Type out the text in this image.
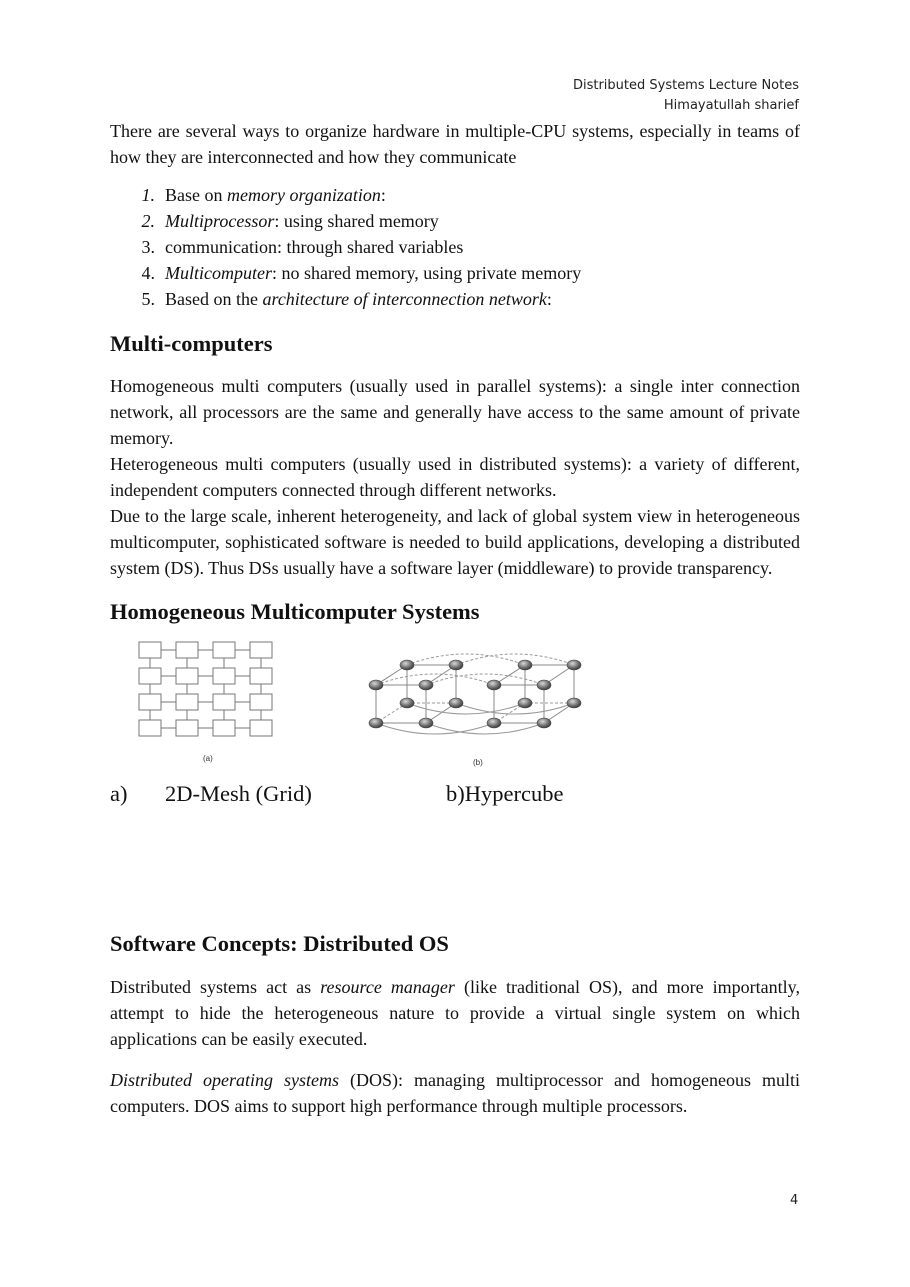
Distributed Systems Lecture Notes
Himayatullah sharief

There are several ways to organize hardware in multiple-CPU systems, especially in teams of how they are interconnected and how they communicate

1. Base on memory organization:
2. Multiprocessor: using shared memory
3. communication: through shared variables
4. Multicomputer: no shared memory, using private memory
5. Based on the architecture of interconnection network:
Multi-computers

Homogeneous multi computers (usually used in parallel systems): a single inter connection network, all processors are the same and generally have access to the same amount of private memory.

Heterogeneous multi computers (usually used in distributed systems): a variety of different, independent computers connected through different networks.

Due to the large scale, inherent heterogeneity, and lack of global system view in heterogeneous multicomputer, sophisticated software is needed to build applications, developing a distributed system (DS). Thus DSs usually have a software layer (middleware) to provide transparency.

Homogeneous Multicomputer Systems
(a)	(b)
a) 2D-Mesh (Grid)	b)Hypercube
Software Concepts: Distributed OS

Distributed systems act as resource manager (like traditional OS), and more importantly, attempt to hide the heterogeneous nature to provide a virtual single system on which applications can be easily executed.

Distributed operating systems (DOS): managing multiprocessor and homogeneous multi computers. DOS aims to support high performance through multiple processors.

4
